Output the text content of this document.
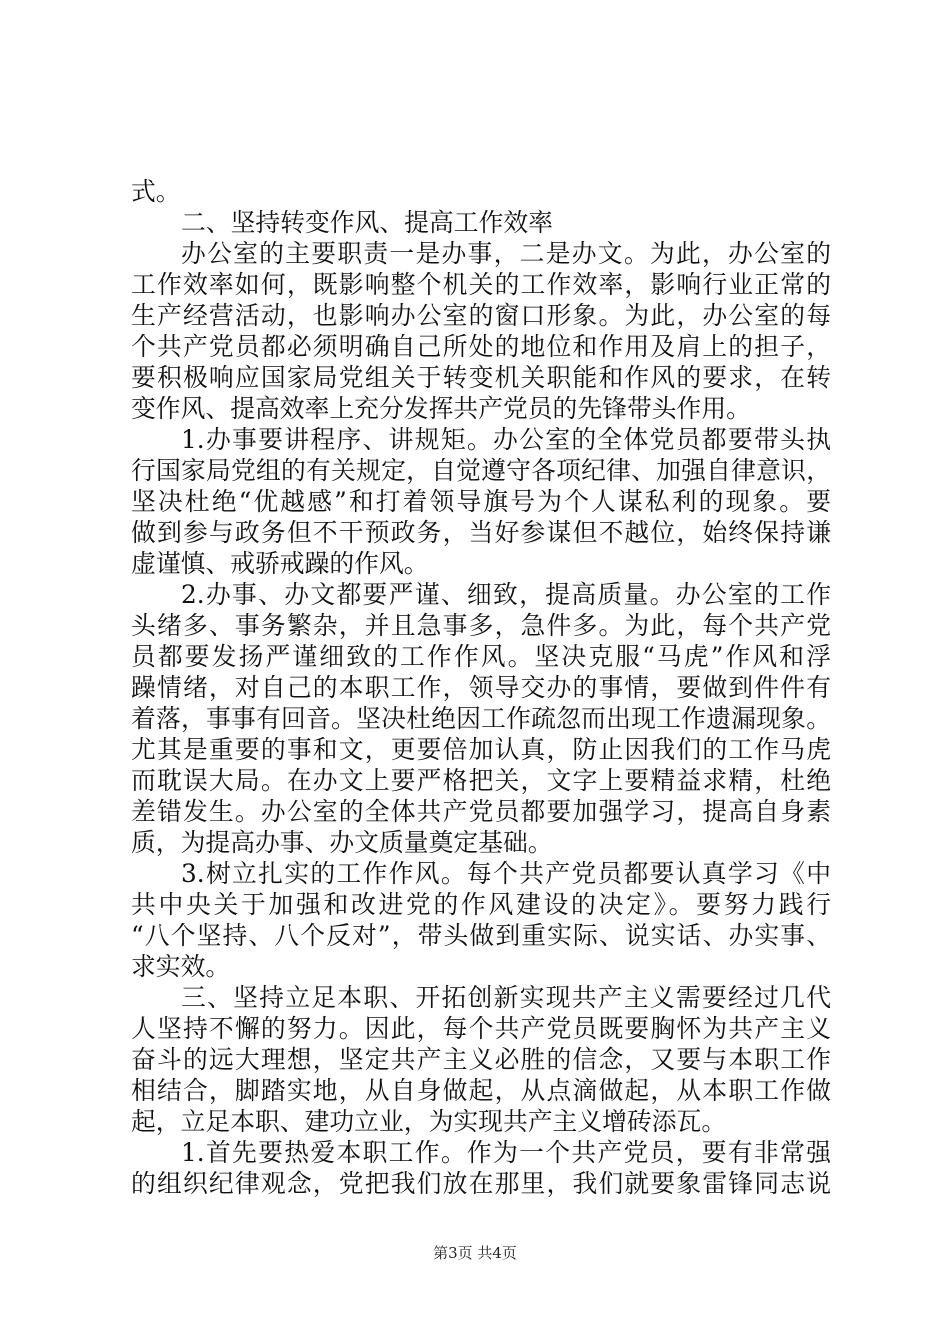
式。
二、坚持转变作风、提高工作效率
办公室的主要职责一是办事，二是办文。为此，办公室的
工作效率如何，既影响整个机关的工作效率，影响行业正常的
生产经营活动，也影响办公室的窗口形象。为此，办公室的每
个共产党员都必须明确自己所处的地位和作用及肩上的担子，
要积极响应国家局党组关于转变机关职能和作风的要求，在转
变作风、提高效率上充分发挥共产党员的先锋带头作用。
1.办事要讲程序、讲规矩。办公室的全体党员都要带头执
行国家局党组的有关规定，自觉遵守各项纪律、加强自律意识，
坚决杜绝“优越感”和打着领导旗号为个人谋私利的现象。要
做到参与政务但不干预政务，当好参谋但不越位，始终保持谦
虚谨慎、戒骄戒躁的作风。
2.办事、办文都要严谨、细致，提高质量。办公室的工作
头绪多、事务繁杂，并且急事多，急件多。为此，每个共产党
员都要发扬严谨细致的工作作风。坚决克服“马虎”作风和浮
躁情绪，对自己的本职工作，领导交办的事情，要做到件件有
着落，事事有回音。坚决杜绝因工作疏忽而出现工作遗漏现象。
尤其是重要的事和文，更要倍加认真，防止因我们的工作马虎
而耽误大局。在办文上要严格把关，文字上要精益求精，杜绝
差错发生。办公室的全体共产党员都要加强学习，提高自身素
质，为提高办事、办文质量奠定基础。
3.树立扎实的工作作风。每个共产党员都要认真学习《中
共中央关于加强和改进党的作风建设的决定》。要努力践行
“八个坚持、八个反对”，带头做到重实际、说实话、办实事、
求实效。
三、坚持立足本职、开拓创新实现共产主义需要经过几代
人坚持不懈的努力。因此，每个共产党员既要胸怀为共产主义
奋斗的远大理想，坚定共产主义必胜的信念，又要与本职工作
相结合，脚踏实地，从自身做起，从点滴做起，从本职工作做
起，立足本职、建功立业，为实现共产主义增砖添瓦。
1.首先要热爱本职工作。作为一个共产党员，要有非常强
的组织纪律观念，党把我们放在那里，我们就要象雷锋同志说
第3页 共4页
